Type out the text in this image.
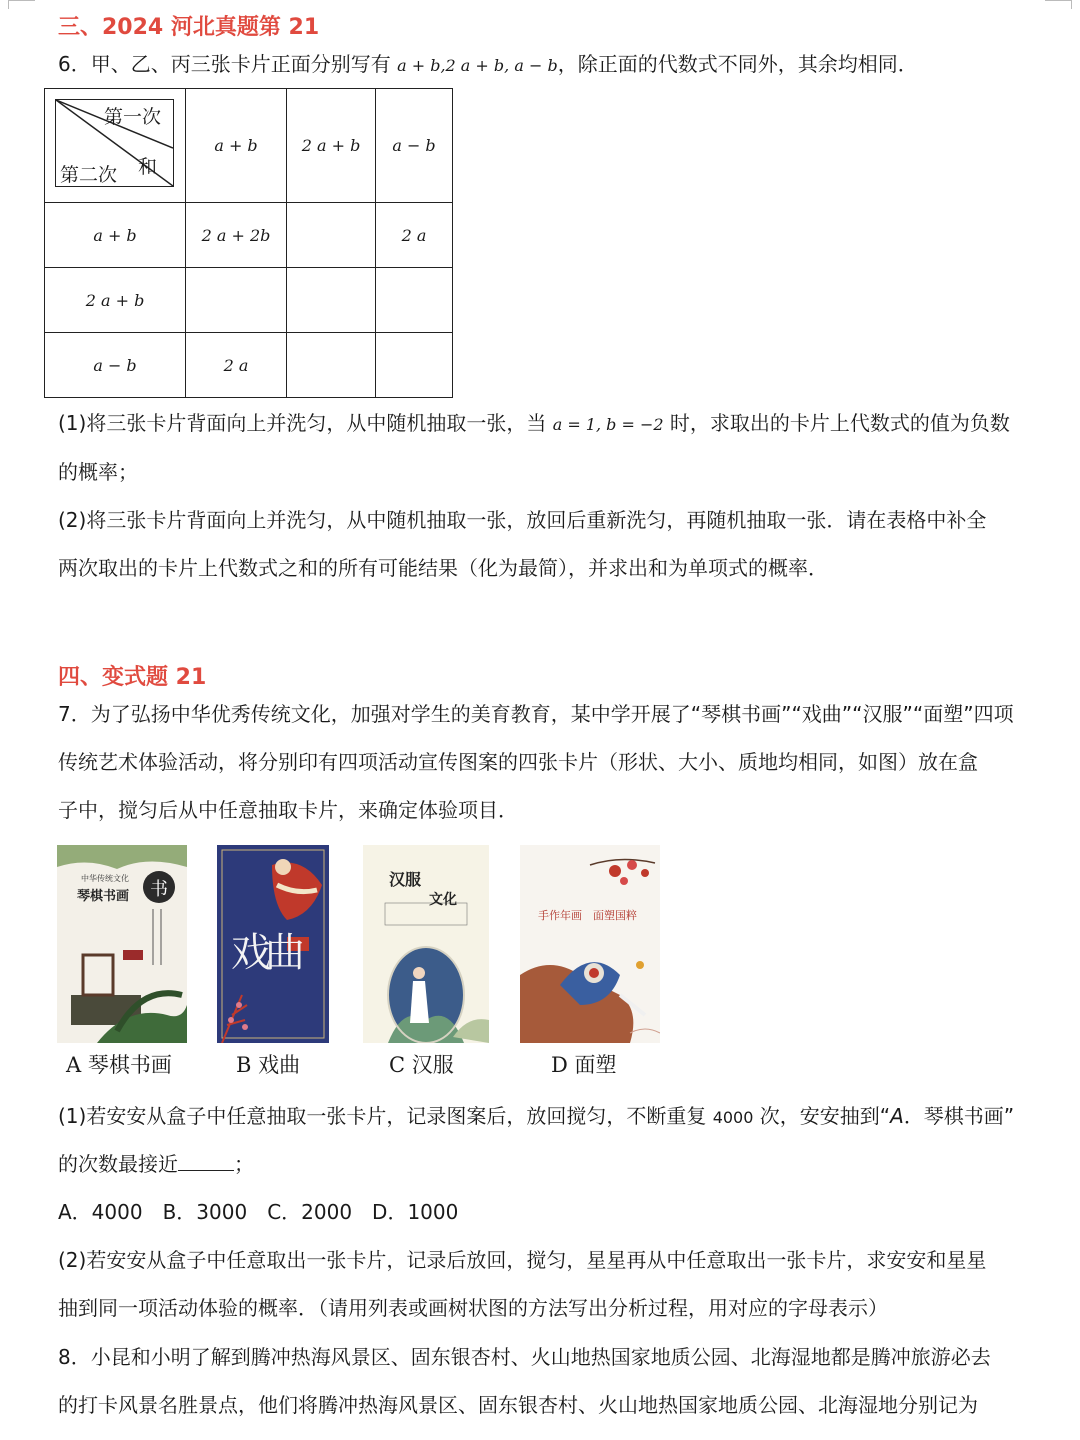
三、2024 河北真题第 21
6．甲、乙、丙三张卡片正面分别写有 a + b,2 a + b, a − b，除正面的代数式不同外，其余均相同．
第一次
和
第二次	a + b	2 a + b	a − b
a + b	2 a + 2b		2 a
2 a + b			
a − b	2 a		
(1)将三张卡片背面向上并洗匀，从中随机抽取一张，当 a = 1, b = −2 时，求取出的卡片上代数式的值为负数
的概率；
(2)将三张卡片背面向上并洗匀，从中随机抽取一张，放回后重新洗匀，再随机抽取一张．请在表格中补全
两次取出的卡片上代数式之和的所有可能结果（化为最简），并求出和为单项式的概率．
四、变式题 21
7．为了弘扬中华优秀传统文化，加强对学生的美育教育，某中学开展了“琴棋书画”“戏曲”“汉服”“面塑”四项
传统艺术体验活动，将分别印有四项活动宣传图案的四张卡片（形状、大小、质地均相同，如图）放在盒
子中，搅匀后从中任意抽取卡片，来确定体验项目．
中华传统文化
琴棋书画 书
戏曲
汉服
文化
手作年画　面塑国粹
A 琴棋书画	B 戏曲	C 汉服	D 面塑
(1)若安安从盒子中任意抽取一张卡片，记录图案后，放回搅匀，不断重复 4000 次，安安抽到“A．琴棋书画”
的次数最接近	；
A．4000　B．3000　C．2000　D．1000
(2)若安安从盒子中任意取出一张卡片，记录后放回，搅匀，星星再从中任意取出一张卡片，求安安和星星
抽到同一项活动体验的概率．（请用列表或画树状图的方法写出分析过程，用对应的字母表示）
8．小昆和小明了解到腾冲热海风景区、固东银杏村、火山地热国家地质公园、北海湿地都是腾冲旅游必去
的打卡风景名胜景点，他们将腾冲热海风景区、固东银杏村、火山地热国家地质公园、北海湿地分别记为
